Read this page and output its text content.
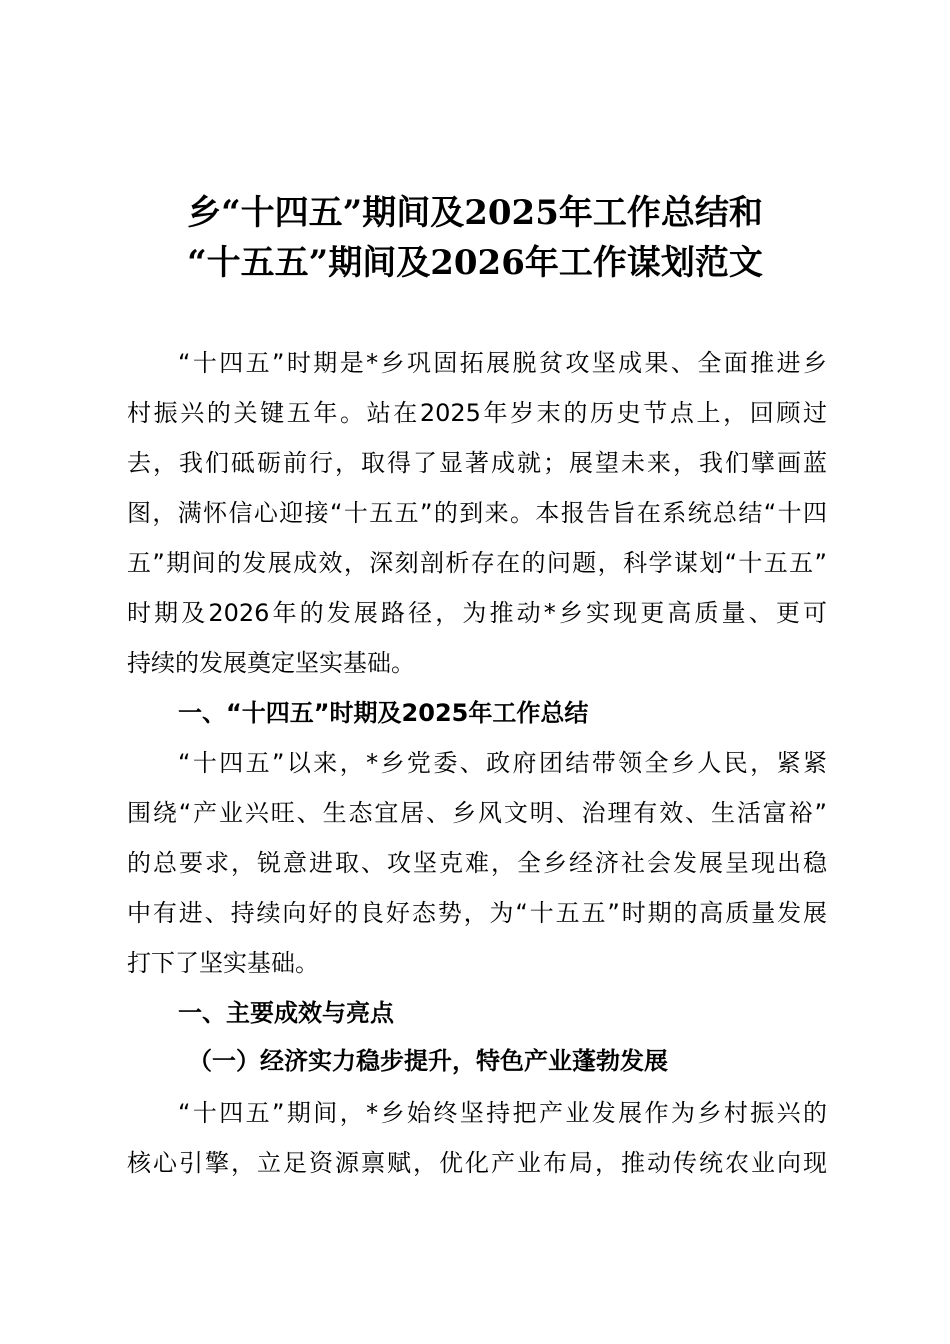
乡“十四五”期间及2025年工作总结和
“十五五”期间及2026年工作谋划范文
“十四五”时期是*乡巩固拓展脱贫攻坚成果、全面推进乡
村振兴的关键五年。站在2025年岁末的历史节点上，回顾过
去，我们砥砺前行，取得了显著成就；展望未来，我们擘画蓝
图，满怀信心迎接“十五五”的到来。本报告旨在系统总结“十四
五”期间的发展成效，深刻剖析存在的问题，科学谋划“十五五”
时期及2026年的发展路径，为推动*乡实现更高质量、更可
持续的发展奠定坚实基础。
一、“十四五”时期及2025年工作总结
“十四五”以来，*乡党委、政府团结带领全乡人民，紧紧
围绕“产业兴旺、生态宜居、乡风文明、治理有效、生活富裕”
的总要求，锐意进取、攻坚克难，全乡经济社会发展呈现出稳
中有进、持续向好的良好态势，为“十五五”时期的高质量发展
打下了坚实基础。
一、主要成效与亮点
（一）经济实力稳步提升，特色产业蓬勃发展
“十四五”期间，*乡始终坚持把产业发展作为乡村振兴的
核心引擎，立足资源禀赋，优化产业布局，推动传统农业向现
